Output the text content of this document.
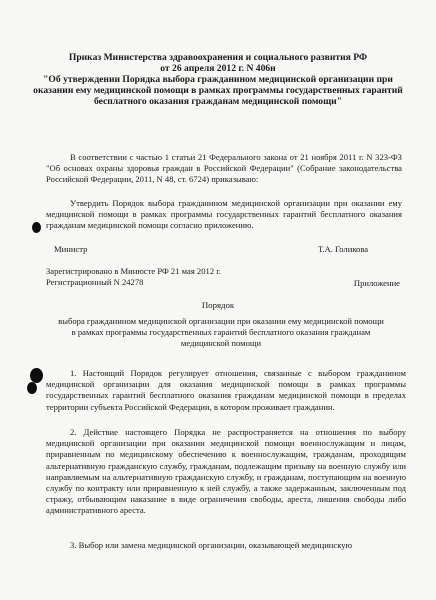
Приказ Министерства здравоохранения и социального развития РФ

от 26 апреля 2012 г. N 406н

"Об утверждении Порядка выбора гражданином медицинской организации при оказании ему медицинской помощи в рамках программы государственных гарантий бесплатного оказания гражданам медицинской помощи"

В соответствии с частью 1 статьи 21 Федерального закона от 21 ноября 2011 г. N 323-ФЗ "Об основах охраны здоровья граждан в Российской Федерации" (Собрание законодательства Российской Федерации, 2011, N 48, ст. 6724) приказываю:

Утвердить Порядок выбора гражданином медицинской организации при оказании ему медицинской помощи в рамках программы государственных гарантий бесплатного оказания гражданам медицинской помощи согласно приложению.

Министр	Т.А. Голикова
Зарегистрировано в Минюсте РФ 21 мая 2012 г.
Регистрационный N 24278	Приложение
Порядок
выбора гражданином медицинской организации при оказании ему медицинской помощи в рамках программы государственных гарантий бесплатного оказания гражданам медицинской помощи

1. Настоящий Порядок регулирует отношения, связанные с выбором гражданином медицинской организации для оказания медицинской помощи в рамках программы государственных гарантий бесплатного оказания гражданам медицинской помощи в пределах территории субъекта Российской Федерации, в котором проживает гражданин.

2. Действие настоящего Порядка не распространяется на отношения по выбору медицинской организации при оказании медицинской помощи военнослужащим и лицам, приравненным по медицинскому обеспечению к военнослужащим, гражданам, проходящим альтернативную гражданскую службу, гражданам, подлежащим призыву на военную службу или направляемым на альтернативную гражданскую службу, и гражданам, поступающим на военную службу по контракту или приравненную к ней службу, а также задержанным, заключенным под стражу, отбывающим наказание в виде ограничения свободы, ареста, лишения свободы либо административного ареста.

3. Выбор или замена медицинской организации, оказывающей медицинскую
